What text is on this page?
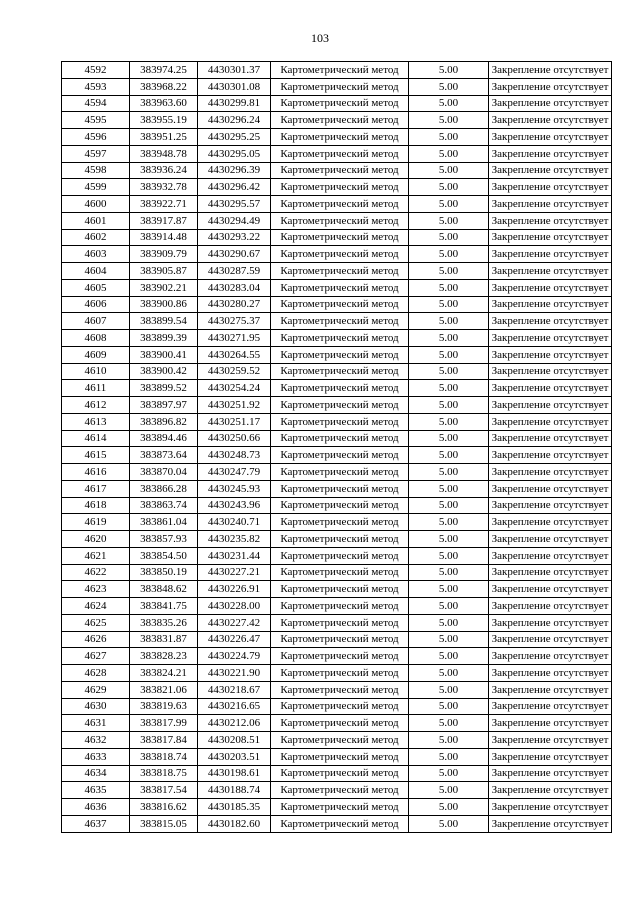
103
4592	383974.25	4430301.37	Картометрический метод	5.00	Закрепление отсутствует
4593	383968.22	4430301.08	Картометрический метод	5.00	Закрепление отсутствует
4594	383963.60	4430299.81	Картометрический метод	5.00	Закрепление отсутствует
4595	383955.19	4430296.24	Картометрический метод	5.00	Закрепление отсутствует
4596	383951.25	4430295.25	Картометрический метод	5.00	Закрепление отсутствует
4597	383948.78	4430295.05	Картометрический метод	5.00	Закрепление отсутствует
4598	383936.24	4430296.39	Картометрический метод	5.00	Закрепление отсутствует
4599	383932.78	4430296.42	Картометрический метод	5.00	Закрепление отсутствует
4600	383922.71	4430295.57	Картометрический метод	5.00	Закрепление отсутствует
4601	383917.87	4430294.49	Картометрический метод	5.00	Закрепление отсутствует
4602	383914.48	4430293.22	Картометрический метод	5.00	Закрепление отсутствует
4603	383909.79	4430290.67	Картометрический метод	5.00	Закрепление отсутствует
4604	383905.87	4430287.59	Картометрический метод	5.00	Закрепление отсутствует
4605	383902.21	4430283.04	Картометрический метод	5.00	Закрепление отсутствует
4606	383900.86	4430280.27	Картометрический метод	5.00	Закрепление отсутствует
4607	383899.54	4430275.37	Картометрический метод	5.00	Закрепление отсутствует
4608	383899.39	4430271.95	Картометрический метод	5.00	Закрепление отсутствует
4609	383900.41	4430264.55	Картометрический метод	5.00	Закрепление отсутствует
4610	383900.42	4430259.52	Картометрический метод	5.00	Закрепление отсутствует
4611	383899.52	4430254.24	Картометрический метод	5.00	Закрепление отсутствует
4612	383897.97	4430251.92	Картометрический метод	5.00	Закрепление отсутствует
4613	383896.82	4430251.17	Картометрический метод	5.00	Закрепление отсутствует
4614	383894.46	4430250.66	Картометрический метод	5.00	Закрепление отсутствует
4615	383873.64	4430248.73	Картометрический метод	5.00	Закрепление отсутствует
4616	383870.04	4430247.79	Картометрический метод	5.00	Закрепление отсутствует
4617	383866.28	4430245.93	Картометрический метод	5.00	Закрепление отсутствует
4618	383863.74	4430243.96	Картометрический метод	5.00	Закрепление отсутствует
4619	383861.04	4430240.71	Картометрический метод	5.00	Закрепление отсутствует
4620	383857.93	4430235.82	Картометрический метод	5.00	Закрепление отсутствует
4621	383854.50	4430231.44	Картометрический метод	5.00	Закрепление отсутствует
4622	383850.19	4430227.21	Картометрический метод	5.00	Закрепление отсутствует
4623	383848.62	4430226.91	Картометрический метод	5.00	Закрепление отсутствует
4624	383841.75	4430228.00	Картометрический метод	5.00	Закрепление отсутствует
4625	383835.26	4430227.42	Картометрический метод	5.00	Закрепление отсутствует
4626	383831.87	4430226.47	Картометрический метод	5.00	Закрепление отсутствует
4627	383828.23	4430224.79	Картометрический метод	5.00	Закрепление отсутствует
4628	383824.21	4430221.90	Картометрический метод	5.00	Закрепление отсутствует
4629	383821.06	4430218.67	Картометрический метод	5.00	Закрепление отсутствует
4630	383819.63	4430216.65	Картометрический метод	5.00	Закрепление отсутствует
4631	383817.99	4430212.06	Картометрический метод	5.00	Закрепление отсутствует
4632	383817.84	4430208.51	Картометрический метод	5.00	Закрепление отсутствует
4633	383818.74	4430203.51	Картометрический метод	5.00	Закрепление отсутствует
4634	383818.75	4430198.61	Картометрический метод	5.00	Закрепление отсутствует
4635	383817.54	4430188.74	Картометрический метод	5.00	Закрепление отсутствует
4636	383816.62	4430185.35	Картометрический метод	5.00	Закрепление отсутствует
4637	383815.05	4430182.60	Картометрический метод	5.00	Закрепление отсутствует
